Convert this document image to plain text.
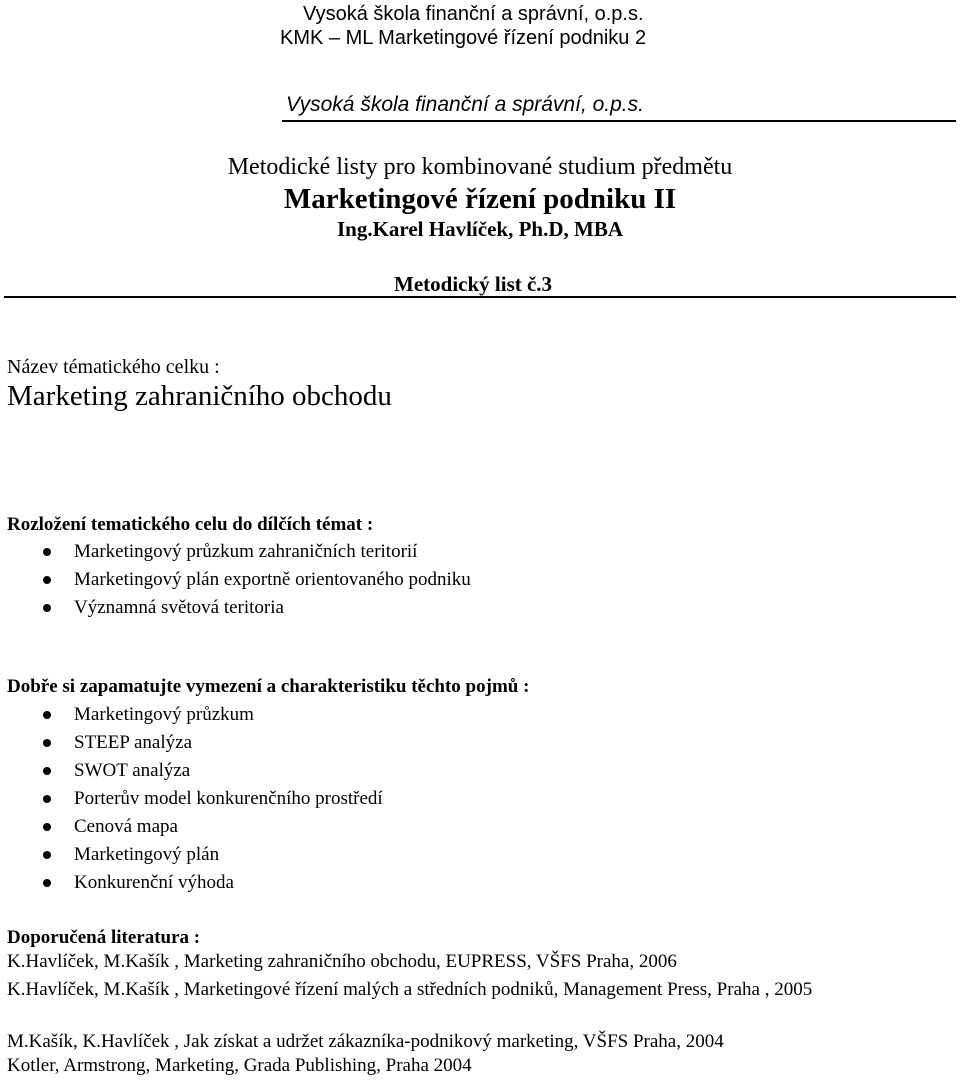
Vysoká škola finanční a správní, o.p.s.
KMK – ML Marketingové řízení podniku 2
Vysoká škola finanční a správní, o.p.s.
Metodické listy pro kombinované studium předmětu
Marketingové řízení podniku II
Ing.Karel Havlíček, Ph.D, MBA
Metodický list č.3
Název tématického celku :
Marketing zahraničního obchodu
Rozložení tematického celu do dílčích témat :
Marketingový průzkum zahraničních teritorií
Marketingový plán exportně orientovaného podniku
Významná světová teritoria
Dobře si zapamatujte vymezení a charakteristiku těchto pojmů :
Marketingový průzkum
STEEP analýza
SWOT analýza
Porterův model konkurenčního prostředí
Cenová mapa
Marketingový plán
Konkurenční výhoda
Doporučená literatura :
K.Havlíček, M.Kašík , Marketing zahraničního obchodu, EUPRESS, VŠFS Praha, 2006
K.Havlíček, M.Kašík , Marketingové řízení malých a středních podniků, Management Press, Praha , 2005
M.Kašík, K.Havlíček , Jak získat a udržet zákazníka-podnikový marketing, VŠFS Praha, 2004
Kotler, Armstrong, Marketing, Grada Publishing, Praha 2004
